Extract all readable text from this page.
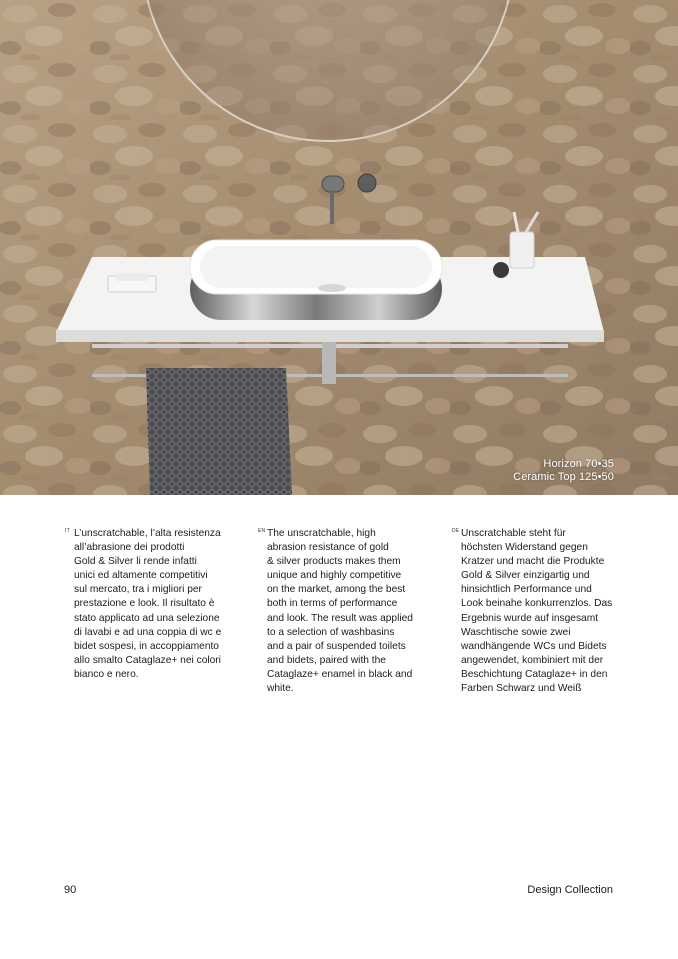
Horizon 70•35
Ceramic Top 125•50
IT L’unscratchable, l’alta resistenza
all’abrasione dei prodotti
Gold & Silver li rende infatti
unici ed altamente competitivi
sul mercato, tra i migliori per
prestazione e look. Il risultato è
stato applicato ad una selezione
di lavabi e ad una coppia di wc e
bidet sospesi, in accoppiamento
allo smalto Cataglaze+ nei colori
bianco e nero.

EN The unscratchable, high
abrasion resistance of gold
& silver products makes them
unique and highly competitive
on the market, among the best
both in terms of performance
and look. The result was applied
to a selection of washbasins
and a pair of suspended toilets
and bidets, paired with the
Cataglaze+ enamel in black and
white.

DE Unscratchable steht für
höchsten Widerstand gegen
Kratzer und macht die Produkte
Gold & Silver einzigartig und
hinsichtlich Performance und
Look beinahe konkurrenzlos. Das
Ergebnis wurde auf insgesamt
Waschtische sowie zwei
wandhängende WCs und Bidets
angewendet, kombiniert mit der
Beschichtung Cataglaze+ in den
Farben Schwarz und Weiß

90	Design Collection
